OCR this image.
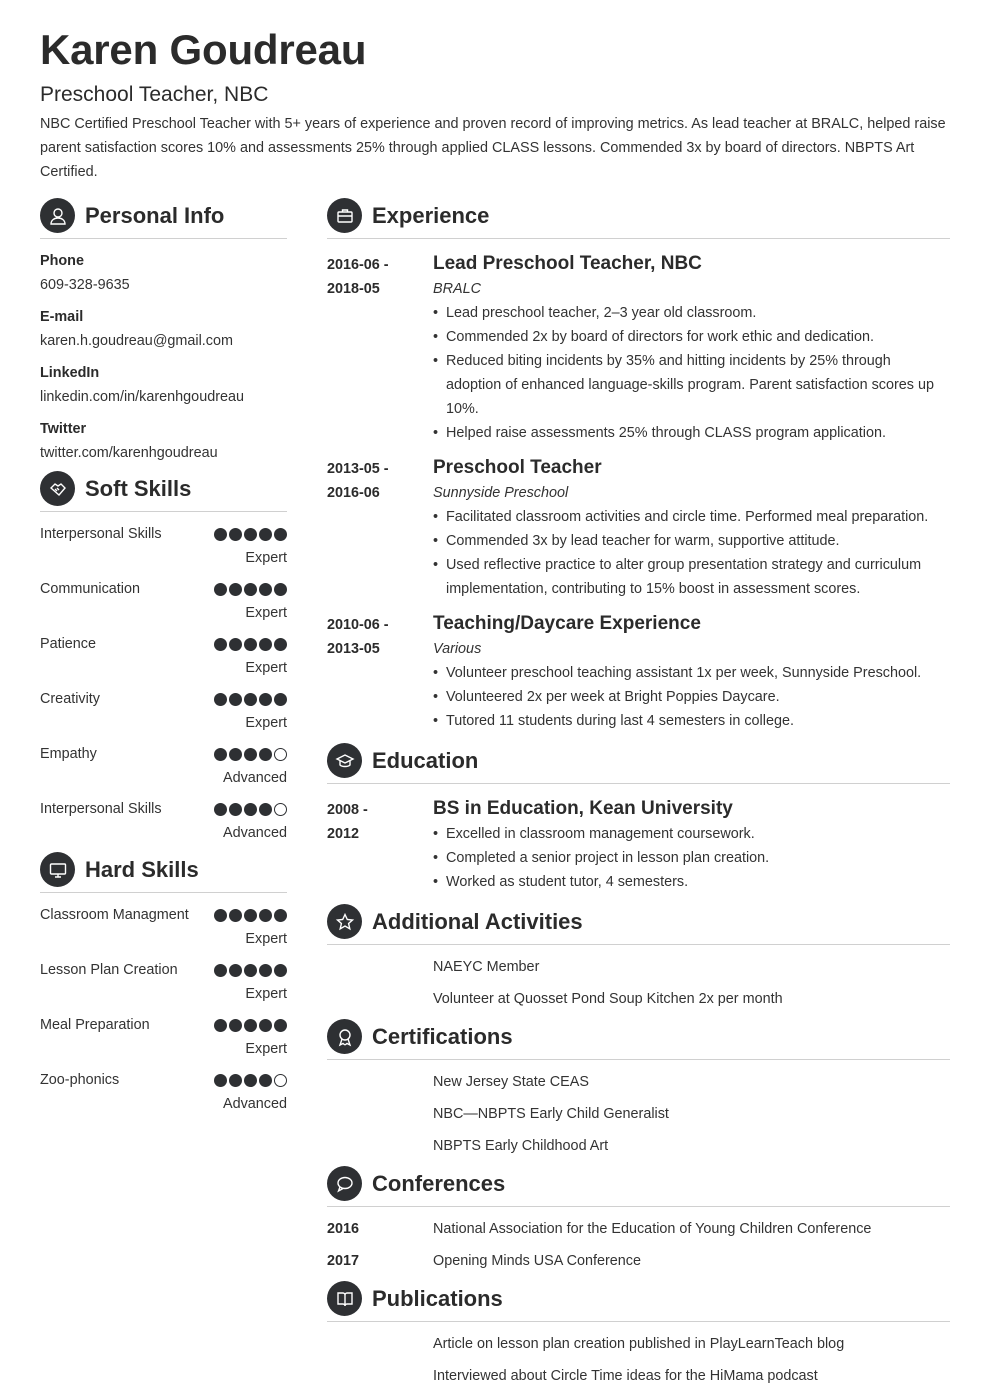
Karen Goudreau
Preschool Teacher, NBC
NBC Certified Preschool Teacher with 5+ years of experience and proven record of improving metrics. As lead teacher at BRALC, helped raise parent satisfaction scores 10% and assessments 25% through applied CLASS lessons. Commended 3x by board of directors. NBPTS Art Certified.
Personal Info
Phone
609-328-9635
E-mail
karen.h.goudreau@gmail.com
LinkedIn
linkedin.com/in/karenhgoudreau
Twitter
twitter.com/karenhgoudreau
Soft Skills
Interpersonal Skills
Expert
Communication
Expert
Patience
Expert
Creativity
Expert
Empathy
Advanced
Interpersonal Skills
Advanced
Hard Skills
Classroom Managment
Expert
Lesson Plan Creation
Expert
Meal Preparation
Expert
Zoo-phonics
Advanced
Experience
2016-06 -
2018-05
Lead Preschool Teacher, NBC
BRALC
• Lead preschool teacher, 2–3 year old classroom.
• Commended 2x by board of directors for work ethic and dedication.
• Reduced biting incidents by 35% and hitting incidents by 25% through adoption of enhanced language-skills program. Parent satisfaction scores up 10%.
• Helped raise assessments 25% through CLASS program application.
2013-05 -
2016-06
Preschool Teacher
Sunnyside Preschool
• Facilitated classroom activities and circle time. Performed meal preparation.
• Commended 3x by lead teacher for warm, supportive attitude.
• Used reflective practice to alter group presentation strategy and curriculum implementation, contributing to 15% boost in assessment scores.
2010-06 -
2013-05
Teaching/Daycare Experience
Various
• Volunteer preschool teaching assistant 1x per week, Sunnyside Preschool.
• Volunteered 2x per week at Bright Poppies Daycare.
• Tutored 11 students during last 4 semesters in college.
Education
2008 -
2012
BS in Education, Kean University
• Excelled in classroom management coursework.
• Completed a senior project in lesson plan creation.
• Worked as student tutor, 4 semesters.
Additional Activities
NAEYC Member
Volunteer at Quosset Pond Soup Kitchen 2x per month
Certifications
New Jersey State CEAS
NBC—NBPTS Early Child Generalist
NBPTS Early Childhood Art
Conferences
2016	National Association for the Education of Young Children Conference
2017	Opening Minds USA Conference
Publications
Article on lesson plan creation published in PlayLearnTeach blog
Interviewed about Circle Time ideas for the HiMama podcast
